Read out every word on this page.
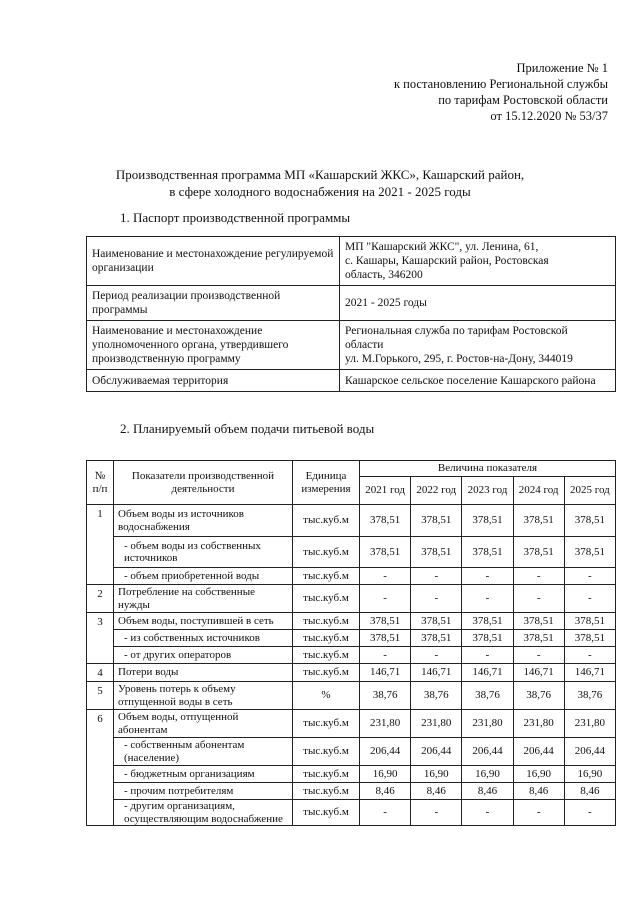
Приложение № 1
к постановлению Региональной службы
по тарифам Ростовской области
от 15.12.2020 № 53/37
Производственная программа МП «Кашарский ЖКС», Кашарский район,
в сфере холодного водоснабжения на 2021 - 2025 годы
1. Паспорт производственной программы
Наименование и местонахождение регулируемой организации	МП "Кашарский ЖКС", ул. Ленина, 61,
с. Кашары, Кашарский район, Ростовская
область, 346200

Период реализации производственной программы	2021 - 2025 годы

Наименование и местонахождение уполномоченного органа, утвердившего производственную программу	Региональная служба по тарифам Ростовской
области
ул. М.Горького, 295, г. Ростов-на-Дону, 344019

Обслуживаемая территория	Кашарское сельское поселение Кашарского района
2. Планируемый объем подачи питьевой воды
№ п/п	Показатели производственной деятельности	Единица измерения	Величина показателя				
			2021 год	2022 год	2023 год	2024 год	2025 год
1	Объем воды из источников водоснабжения	тыс.куб.м	378,51	378,51	378,51	378,51	378,51
	- объем воды из собственных источников	тыс.куб.м	378,51	378,51	378,51	378,51	378,51
	- объем приобретенной воды	тыс.куб.м	-	-	-	-	-
2	Потребление на собственные нужды	тыс.куб.м	-	-	-	-	-
3	Объем воды, поступившей в сеть	тыс.куб.м	378,51	378,51	378,51	378,51	378,51
	- из собственных источников	тыс.куб.м	378,51	378,51	378,51	378,51	378,51
	- от других операторов	тыс.куб.м	-	-	-	-	-
4	Потери воды	тыс.куб.м	146,71	146,71	146,71	146,71	146,71
5	Уровень потерь к объему отпущенной воды в сеть	%	38,76	38,76	38,76	38,76	38,76
6	Объем воды, отпущенной абонентам	тыс.куб.м	231,80	231,80	231,80	231,80	231,80
	- собственным абонентам (население)	тыс.куб.м	206,44	206,44	206,44	206,44	206,44
	- бюджетным организациям	тыс.куб.м	16,90	16,90	16,90	16,90	16,90
	- прочим потребителям	тыс.куб.м	8,46	8,46	8,46	8,46	8,46
	- другим организациям, осуществляющим водоснабжение	тыс.куб.м	-	-	-	-	-
